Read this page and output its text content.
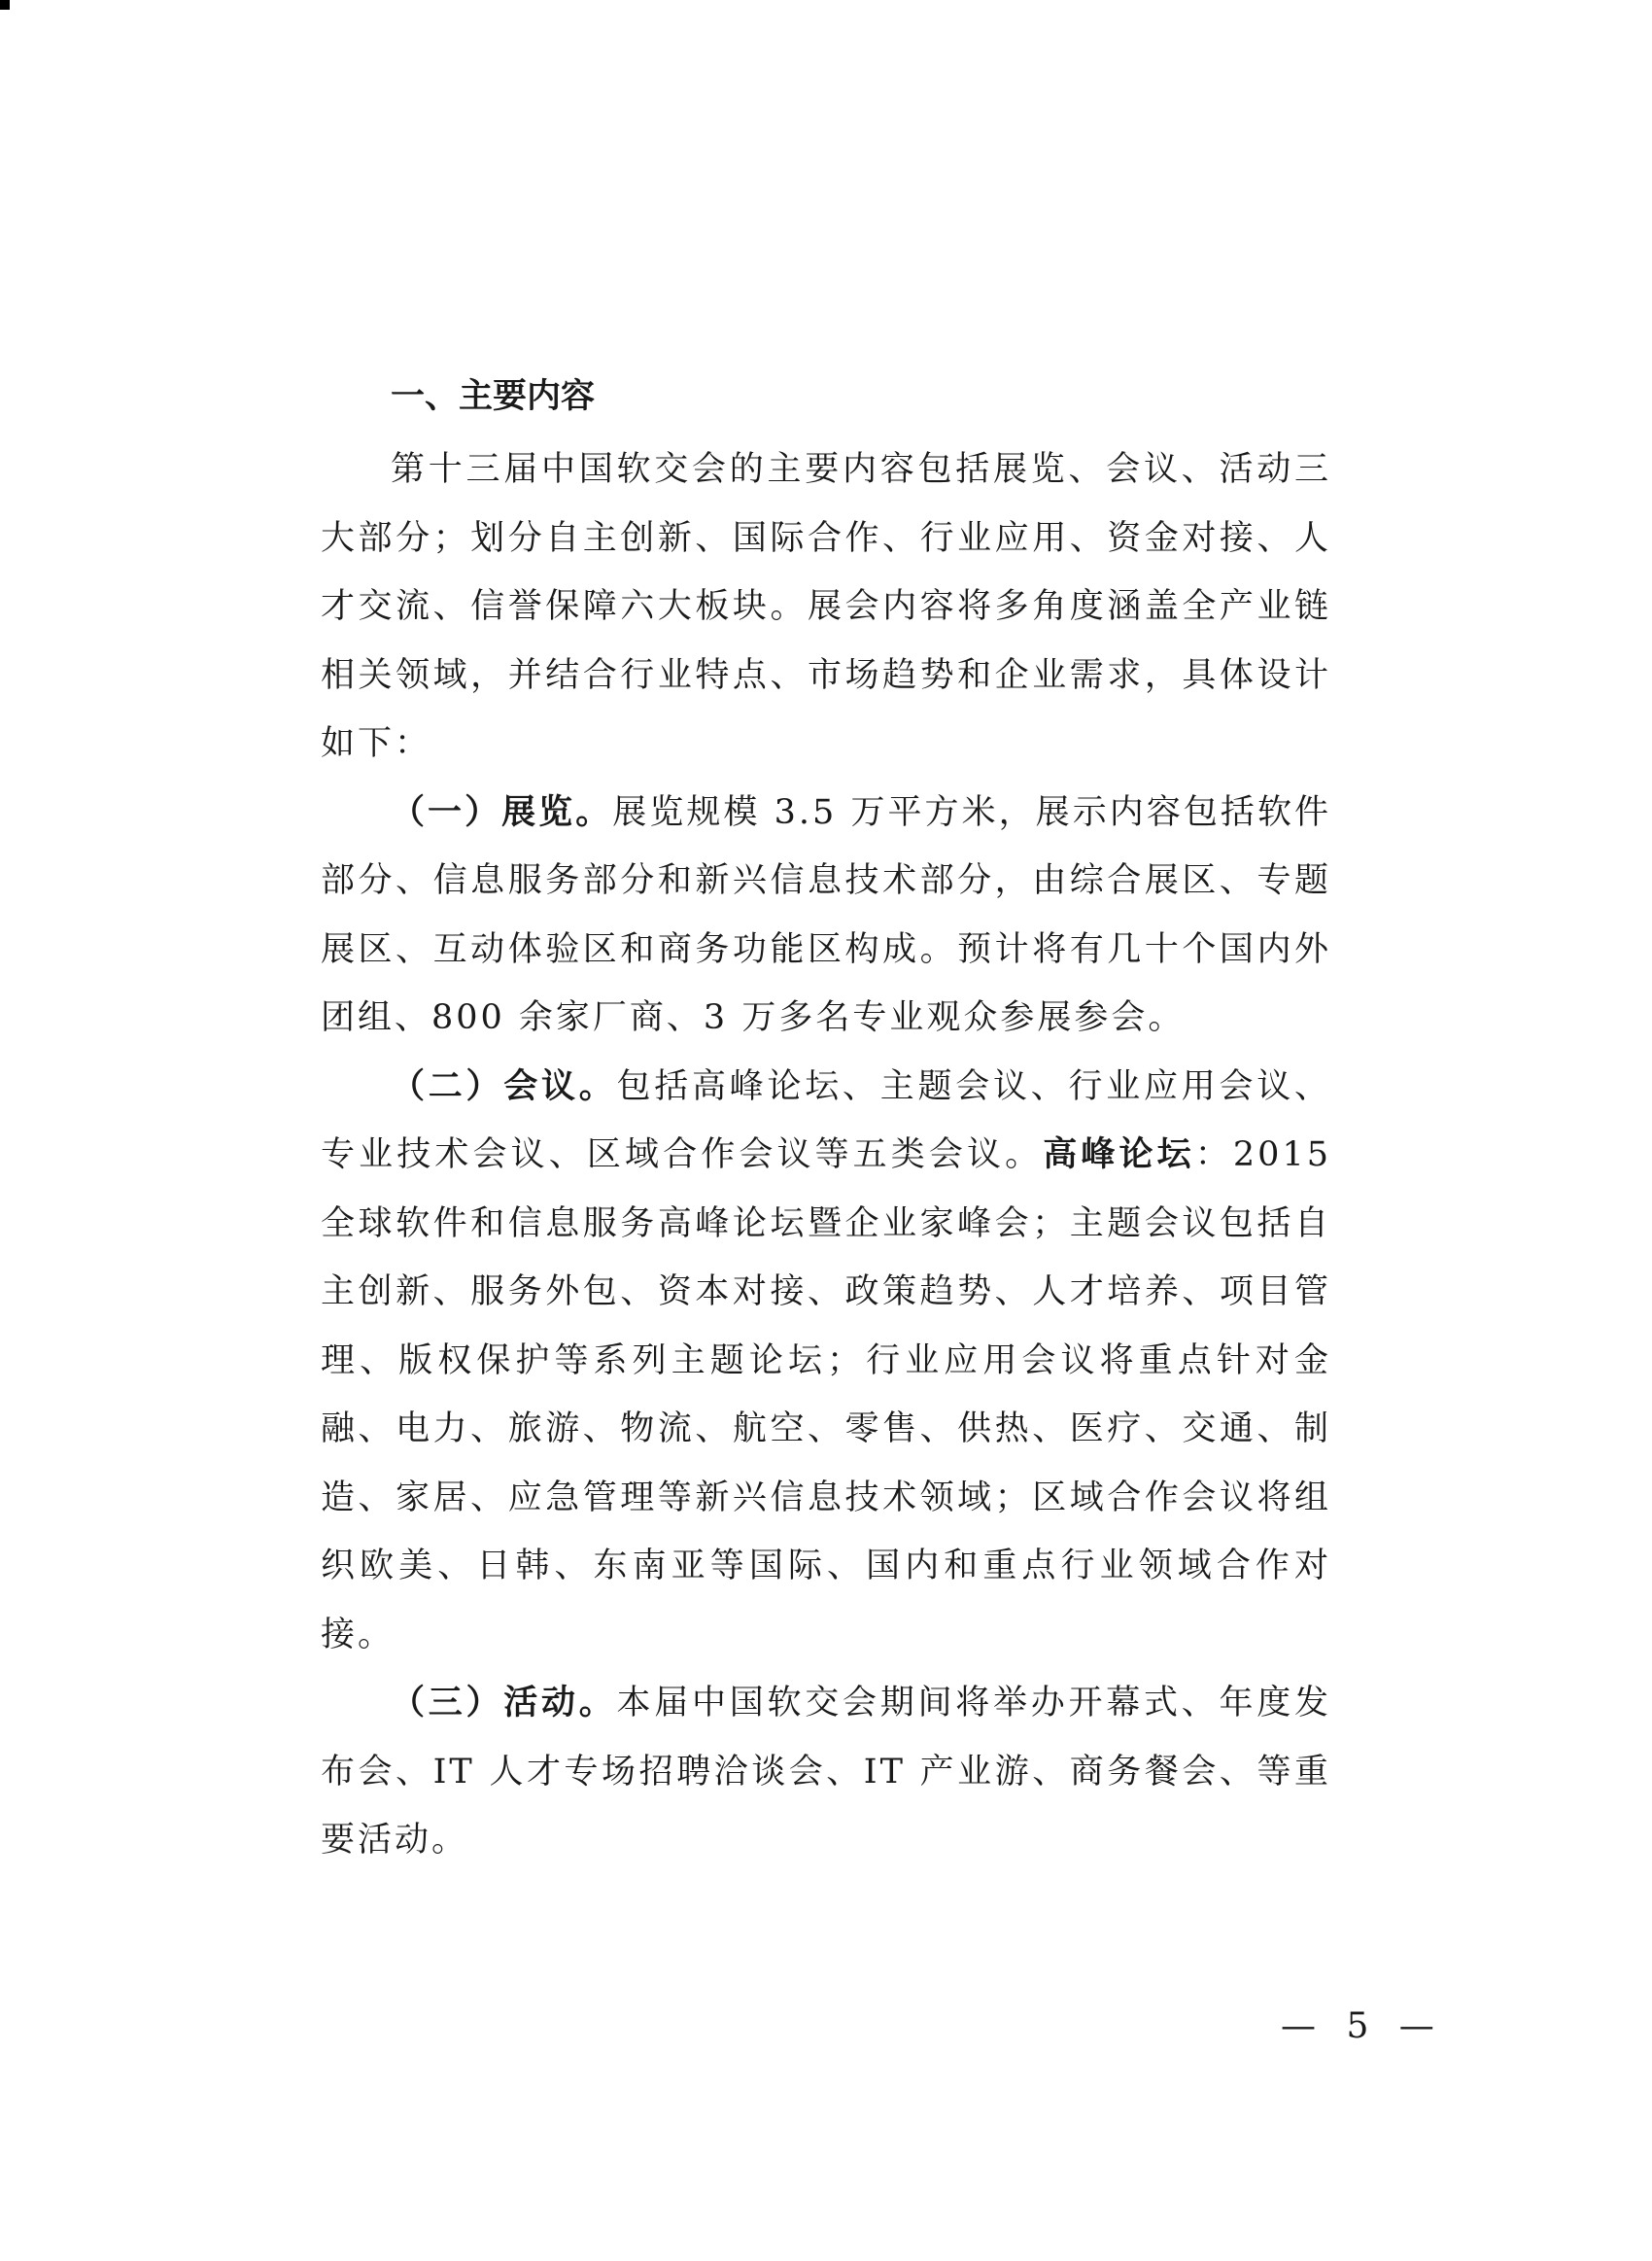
一、主要内容

第十三届中国软交会的主要内容包括展览、会议、活动三大部分；划分自主创新、国际合作、行业应用、资金对接、人才交流、信誉保障六大板块。展会内容将多角度涵盖全产业链相关领域，并结合行业特点、市场趋势和企业需求，具体设计如下：

（一）展览。展览规模 3.5 万平方米，展示内容包括软件部分、信息服务部分和新兴信息技术部分，由综合展区、专题展区、互动体验区和商务功能区构成。预计将有几十个国内外团组、800 余家厂商、3 万多名专业观众参展参会。

（二）会议。包括高峰论坛、主题会议、行业应用会议、专业技术会议、区域合作会议等五类会议。高峰论坛：2015 全球软件和信息服务高峰论坛暨企业家峰会；主题会议包括自主创新、服务外包、资本对接、政策趋势、人才培养、项目管理、版权保护等系列主题论坛；行业应用会议将重点针对金融、电力、旅游、物流、航空、零售、供热、医疗、交通、制造、家居、应急管理等新兴信息技术领域；区域合作会议将组织欧美、日韩、东南亚等国际、国内和重点行业领域合作对接。

（三）活动。本届中国软交会期间将举办开幕式、年度发布会、IT 人才专场招聘洽谈会、IT 产业游、商务餐会、等重要活动。

— 5 —
